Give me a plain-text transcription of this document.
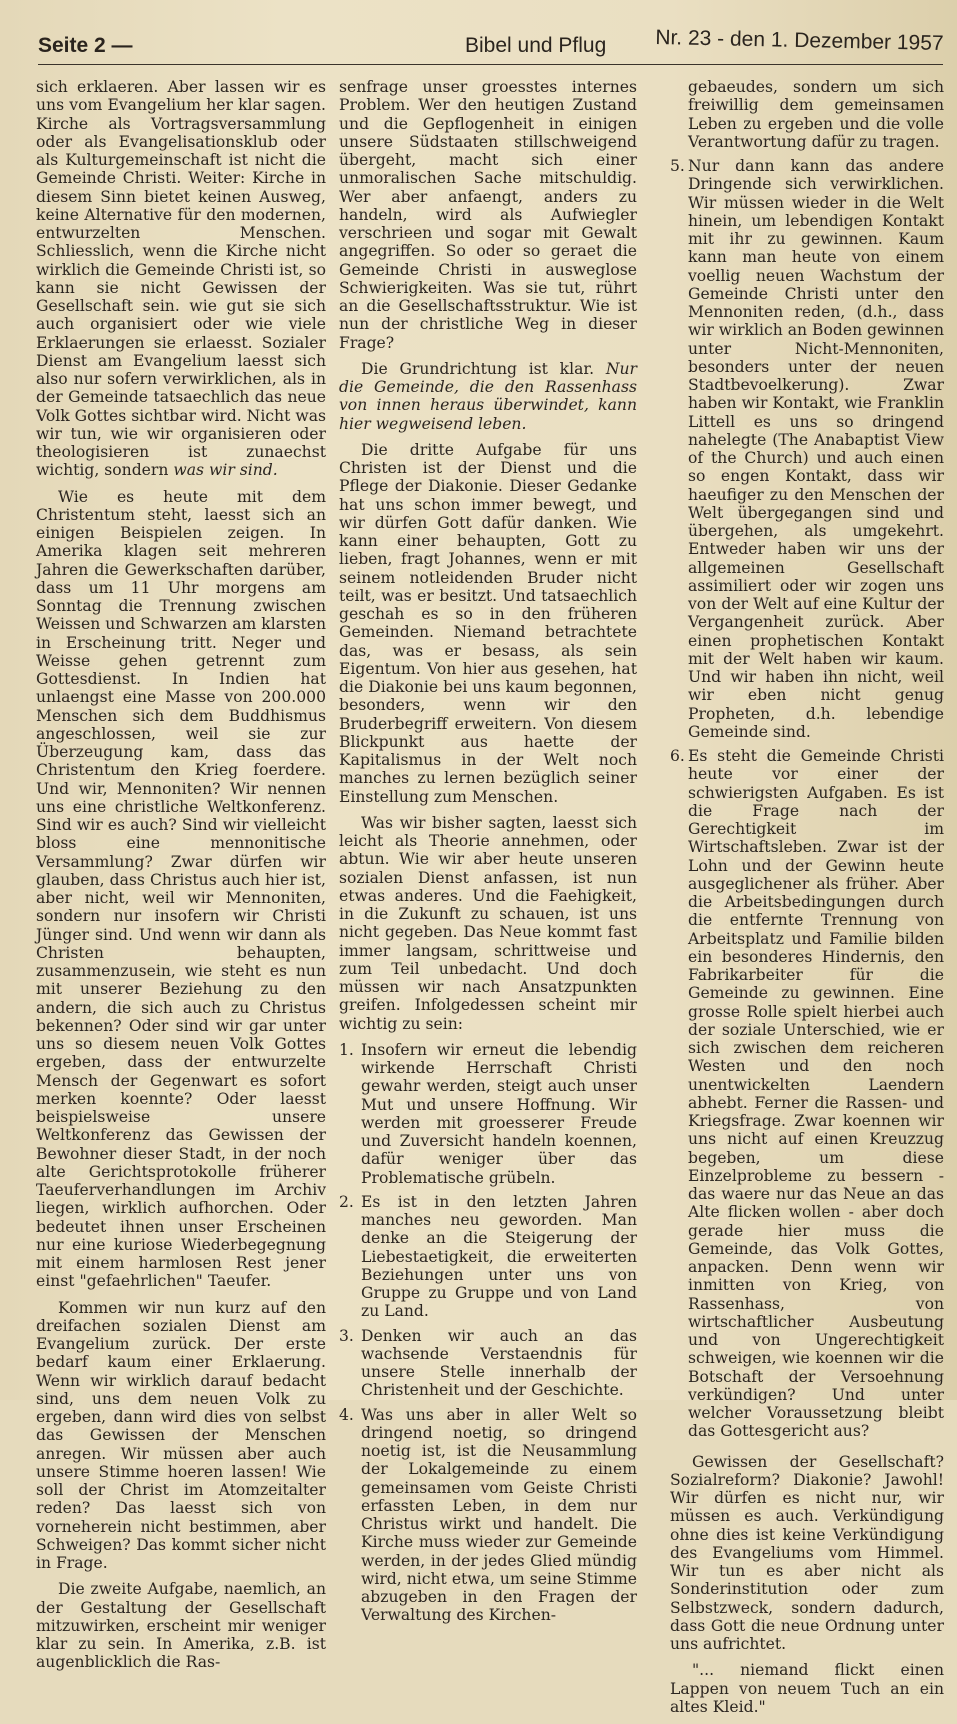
Seite 2 —	Bibel und Pflug Nr. 23 - den 1. Dezember 1957

sich erklaeren. Aber lassen wir es uns vom Evangelium her klar sagen. Kirche als Vortragsversammlung oder als Evangelisationsklub oder als Kulturgemeinschaft ist nicht die Gemeinde Christi. Weiter: Kirche in diesem Sinn bietet keinen Ausweg, keine Alternative für den modernen, entwurzelten Menschen. Schliesslich, wenn die Kirche nicht wirklich die Gemeinde Christi ist, so kann sie nicht Gewissen der Gesellschaft sein. wie gut sie sich auch organisiert oder wie viele Erklaerungen sie erlaesst. Sozialer Dienst am Evangelium laesst sich also nur sofern verwirklichen, als in der Gemeinde tatsaechlich das neue Volk Gottes sichtbar wird. Nicht was wir tun, wie wir organisieren oder theologisieren ist zunaechst wichtig, sondern was wir sind.

Wie es heute mit dem Christentum steht, laesst sich an einigen Beispielen zeigen. In Amerika klagen seit mehreren Jahren die Gewerkschaften darüber, dass um 11 Uhr morgens am Sonntag die Trennung zwischen Weissen und Schwarzen am klarsten in Erscheinung tritt. Neger und Weisse gehen getrennt zum Gottesdienst. In Indien hat unlaengst eine Masse von 200.000 Menschen sich dem Buddhismus angeschlossen, weil sie zur Überzeugung kam, dass das Christentum den Krieg foerdere. Und wir, Mennoniten? Wir nennen uns eine christliche Weltkonferenz. Sind wir es auch? Sind wir vielleicht bloss eine mennonitische Versammlung? Zwar dürfen wir glauben, dass Christus auch hier ist, aber nicht, weil wir Mennoniten, sondern nur insofern wir Christi Jünger sind. Und wenn wir dann als Christen behaupten, zusammenzusein, wie steht es nun mit unserer Beziehung zu den andern, die sich auch zu Christus bekennen? Oder sind wir gar unter uns so diesem neuen Volk Gottes ergeben, dass der entwurzelte Mensch der Gegenwart es sofort merken koennte? Oder laesst beispielsweise unsere Weltkonferenz das Gewissen der Bewohner dieser Stadt, in der noch alte Gerichtsprotokolle früherer Taeuferverhandlungen im Archiv liegen, wirklich aufhorchen. Oder bedeutet ihnen unser Erscheinen nur eine kuriose Wiederbegegnung mit einem harmlosen Rest jener einst "gefaehrlichen" Taeufer.

Kommen wir nun kurz auf den dreifachen sozialen Dienst am Evangelium zurück. Der erste bedarf kaum einer Erklaerung. Wenn wir wirklich darauf bedacht sind, uns dem neuen Volk zu ergeben, dann wird dies von selbst das Gewissen der Menschen anregen. Wir müssen aber auch unsere Stimme hoeren lassen! Wie soll der Christ im Atomzeitalter reden? Das laesst sich von vorneherein nicht bestimmen, aber Schweigen? Das kommt sicher nicht in Frage.

Die zweite Aufgabe, naemlich, an der Gestaltung der Gesellschaft mitzuwirken, erscheint mir weniger klar zu sein. In Amerika, z.B. ist augenblicklich die Ras-

senfrage unser groesstes internes Problem. Wer den heutigen Zustand und die Gepflogenheit in einigen unsere Südstaaten stillschweigend übergeht, macht sich einer unmoralischen Sache mitschuldig. Wer aber anfaengt, anders zu handeln, wird als Aufwiegler verschrieen und sogar mit Gewalt angegriffen. So oder so geraet die Gemeinde Christi in ausweglose Schwierigkeiten. Was sie tut, rührt an die Gesellschaftsstruktur. Wie ist nun der christliche Weg in dieser Frage?

Die Grundrichtung ist klar. Nur die Gemeinde, die den Rassenhass von innen heraus überwindet, kann hier wegweisend leben.

Die dritte Aufgabe für uns Christen ist der Dienst und die Pflege der Diakonie. Dieser Gedanke hat uns schon immer bewegt, und wir dürfen Gott dafür danken. Wie kann einer behaupten, Gott zu lieben, fragt Johannes, wenn er mit seinem notleidenden Bruder nicht teilt, was er besitzt. Und tatsaechlich geschah es so in den früheren Gemeinden. Niemand betrachtete das, was er besass, als sein Eigentum. Von hier aus gesehen, hat die Diakonie bei uns kaum begonnen, besonders, wenn wir den Bruderbegriff erweitern. Von diesem Blickpunkt aus haette der Kapitalismus in der Welt noch manches zu lernen bezüglich seiner Einstellung zum Menschen.

Was wir bisher sagten, laesst sich leicht als Theorie annehmen, oder abtun. Wie wir aber heute unseren sozialen Dienst anfassen, ist nun etwas anderes. Und die Faehigkeit, in die Zukunft zu schauen, ist uns nicht gegeben. Das Neue kommt fast immer langsam, schrittweise und zum Teil unbedacht. Und doch müssen wir nach Ansatzpunkten greifen. Infolgedessen scheint mir wichtig zu sein:

1. Insofern wir erneut die lebendig wirkende Herrschaft Christi gewahr werden, steigt auch unser Mut und unsere Hoffnung. Wir werden mit groesserer Freude und Zuversicht handeln koennen, dafür weniger über das Problematische grübeln.
2. Es ist in den letzten Jahren manches neu geworden. Man denke an die Steigerung der Liebestaetigkeit, die erweiterten Beziehungen unter uns von Gruppe zu Gruppe und von Land zu Land.
3. Denken wir auch an das wachsende Verstaendnis für unsere Stelle innerhalb der Christenheit und der Geschichte.
4. Was uns aber in aller Welt so dringend noetig, so dringend noetig ist, ist die Neusammlung der Lokalgemeinde zu einem gemeinsamen vom Geiste Christi erfassten Leben, in dem nur Christus wirkt und handelt. Die Kirche muss wieder zur Gemeinde werden, in der jedes Glied mündig wird, nicht etwa, um seine Stimme abzugeben in den Fragen der Verwaltung des Kirchen-
gebaeudes, sondern um sich freiwillig dem gemeinsamen Leben zu ergeben und die volle Verantwortung dafür zu tragen.
5. Nur dann kann das andere Dringende sich verwirklichen. Wir müssen wieder in die Welt hinein, um lebendigen Kontakt mit ihr zu gewinnen. Kaum kann man heute von einem voellig neuen Wachstum der Gemeinde Christi unter den Mennoniten reden, (d.h., dass wir wirklich an Boden gewinnen unter Nicht-Mennoniten, besonders unter der neuen Stadtbevoelkerung). Zwar haben wir Kontakt, wie Franklin Littell es uns so dringend nahelegte (The Anabaptist View of the Church) und auch einen so engen Kontakt, dass wir haeufiger zu den Menschen der Welt übergegangen sind und übergehen, als umgekehrt. Entweder haben wir uns der allgemeinen Gesellschaft assimiliert oder wir zogen uns von der Welt auf eine Kultur der Vergangenheit zurück. Aber einen prophetischen Kontakt mit der Welt haben wir kaum. Und wir haben ihn nicht, weil wir eben nicht genug Propheten, d.h. lebendige Gemeinde sind.
6. Es steht die Gemeinde Christi heute vor einer der schwierigsten Aufgaben. Es ist die Frage nach der Gerechtigkeit im Wirtschaftsleben. Zwar ist der Lohn und der Gewinn heute ausgeglichener als früher. Aber die Arbeitsbedingungen durch die entfernte Trennung von Arbeitsplatz und Familie bilden ein besonderes Hindernis, den Fabrikarbeiter für die Gemeinde zu gewinnen. Eine grosse Rolle spielt hierbei auch der soziale Unterschied, wie er sich zwischen dem reicheren Westen und den noch unentwickelten Laendern abhebt. Ferner die Rassen- und Kriegsfrage. Zwar koennen wir uns nicht auf einen Kreuzzug begeben, um diese Einzelprobleme zu bessern - das waere nur das Neue an das Alte flicken wollen - aber doch gerade hier muss die Gemeinde, das Volk Gottes, anpacken. Denn wenn wir inmitten von Krieg, von Rassenhass, von wirtschaftlicher Ausbeutung und von Ungerechtigkeit schweigen, wie koennen wir die Botschaft der Versoehnung verkündigen? Und unter welcher Voraussetzung bleibt das Gottesgericht aus?

Gewissen der Gesellschaft? Sozialreform? Diakonie? Jawohl! Wir dürfen es nicht nur, wir müssen es auch. Verkündigung ohne dies ist keine Verkündigung des Evangeliums vom Himmel. Wir tun es aber nicht als Sonderinstitution oder zum Selbstzweck, sondern dadurch, dass Gott die neue Ordnung unter uns aufrichtet.

"... niemand flickt einen Lappen von neuem Tuch an ein altes Kleid."
